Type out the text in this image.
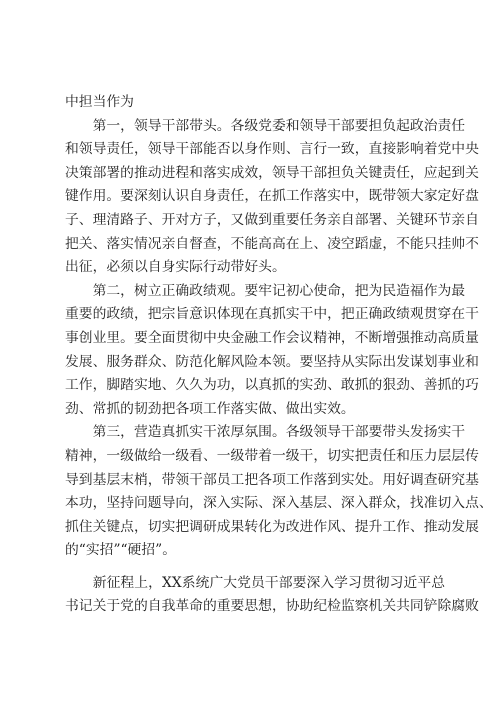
中担当作为
　　第一，领导干部带头。各级党委和领导干部要担负起政治责任
和领导责任，领导干部能否以身作则、言行一致，直接影响着党中央
决策部署的推动进程和落实成效，领导干部担负关键责任，应起到关
键作用。要深刻认识自身责任，在抓工作落实中，既带领大家定好盘
子、理清路子、开对方子，又做到重要任务亲自部署、关键环节亲自
把关、落实情况亲自督查，不能高高在上、凌空蹈虚，不能只挂帅不
出征，必须以自身实际行动带好头。
　　第二，树立正确政绩观。要牢记初心使命，把为民造福作为最
重要的政绩，把宗旨意识体现在真抓实干中，把正确政绩观贯穿在干
事创业里。要全面贯彻中央金融工作会议精神，不断增强推动高质量
发展、服务群众、防范化解风险本领。要坚持从实际出发谋划事业和
工作，脚踏实地、久久为功，以真抓的实劲、敢抓的狠劲、善抓的巧
劲、常抓的韧劲把各项工作落实做、做出实效。
　　第三，营造真抓实干浓厚氛围。各级领导干部要带头发扬实干
精神，一级做给一级看、一级带着一级干，切实把责任和压力层层传
导到基层末梢，带领干部员工把各项工作落到实处。用好调查研究基
本功，坚持问题导向，深入实际、深入基层、深入群众，找准切入点、
抓住关键点，切实把调研成果转化为改进作风、提升工作、推动发展
的“实招”“硬招”。
　　新征程上，XX系统广大党员干部要深入学习贯彻习近平总
书记关于党的自我革命的重要思想，协助纪检监察机关共同铲除腐败
